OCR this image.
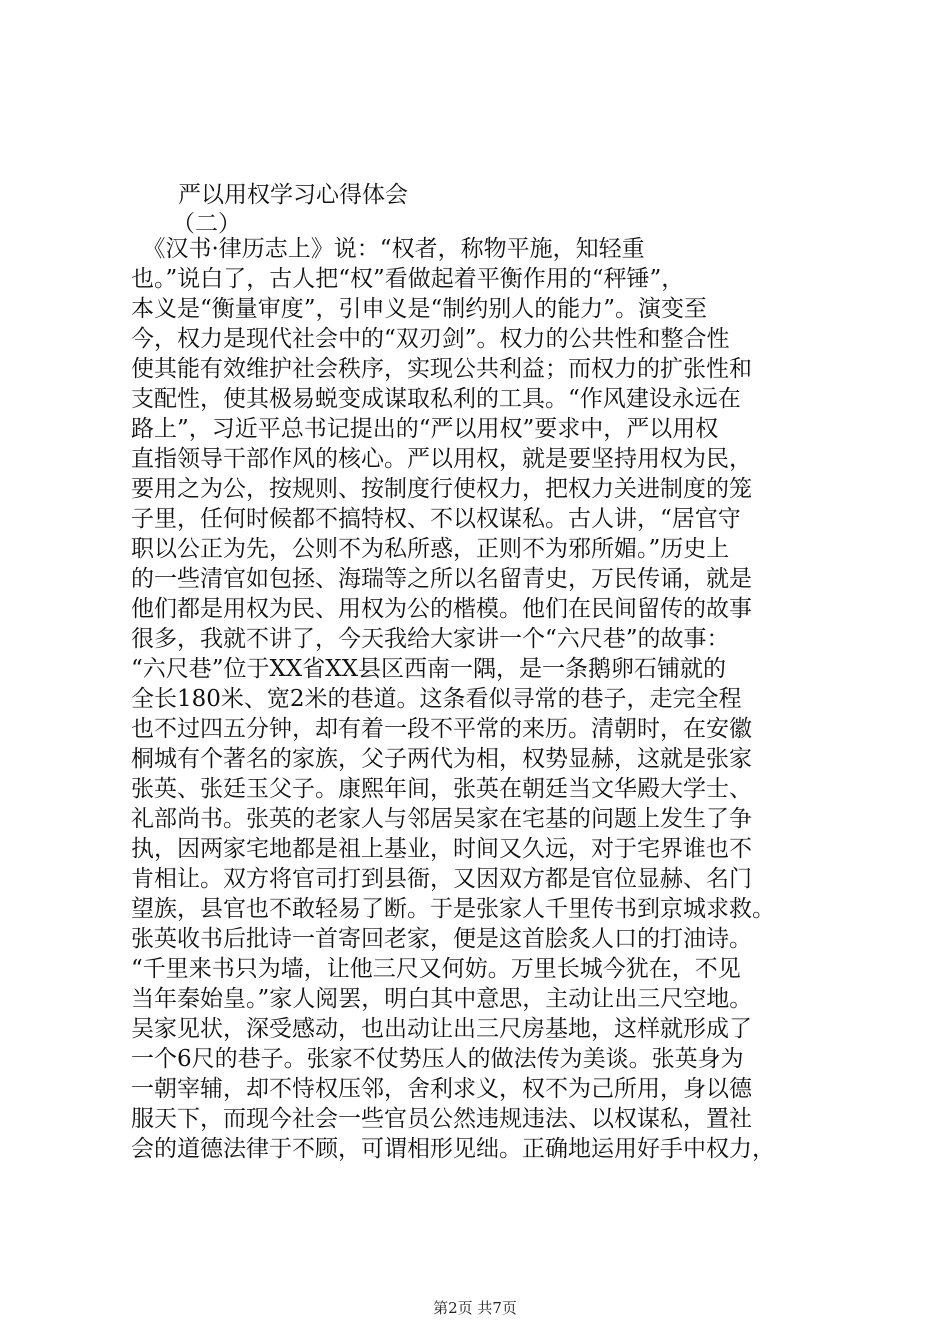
严以用权学习心得体会
（二）
　《汉书·律历志上》说：“权者，称物平施，知轻重
也。”说白了，古人把“权”看做起着平衡作用的“秤锤”，
本义是“衡量审度”，引申义是“制约别人的能力”。演变至
今，权力是现代社会中的“双刃剑”。权力的公共性和整合性
使其能有效维护社会秩序，实现公共利益；而权力的扩张性和
支配性，使其极易蜕变成谋取私利的工具。“作风建设永远在
路上”，习近平总书记提出的“严以用权”要求中，严以用权
直指领导干部作风的核心。严以用权，就是要坚持用权为民，
要用之为公，按规则、按制度行使权力，把权力关进制度的笼
子里，任何时候都不搞特权、不以权谋私。古人讲，“居官守
职以公正为先，公则不为私所惑，正则不为邪所媚。”历史上
的一些清官如包拯、海瑞等之所以名留青史，万民传诵，就是
他们都是用权为民、用权为公的楷模。他们在民间留传的故事
很多，我就不讲了，今天我给大家讲一个“六尺巷”的故事：
“六尺巷”位于XX省XX县区西南一隅，是一条鹅卵石铺就的
全长180米、宽2米的巷道。这条看似寻常的巷子，走完全程
也不过四五分钟，却有着一段不平常的来历。清朝时，在安徽
桐城有个著名的家族，父子两代为相，权势显赫，这就是张家
张英、张廷玉父子。康熙年间，张英在朝廷当文华殿大学士、
礼部尚书。张英的老家人与邻居吴家在宅基的问题上发生了争
执，因两家宅地都是祖上基业，时间又久远，对于宅界谁也不
肯相让。双方将官司打到县衙，又因双方都是官位显赫、名门
望族，县官也不敢轻易了断。于是张家人千里传书到京城求救。
张英收书后批诗一首寄回老家，便是这首脍炙人口的打油诗。
“千里来书只为墙，让他三尺又何妨。万里长城今犹在，不见
当年秦始皇。”家人阅罢，明白其中意思，主动让出三尺空地。
吴家见状，深受感动，也出动让出三尺房基地，这样就形成了
一个6尺的巷子。张家不仗势压人的做法传为美谈。张英身为
一朝宰辅，却不恃权压邻，舍利求义，权不为己所用，身以德
服天下，而现今社会一些官员公然违规违法、以权谋私，置社
会的道德法律于不顾，可谓相形见绌。正确地运用好手中权力，
第2页 共7页
